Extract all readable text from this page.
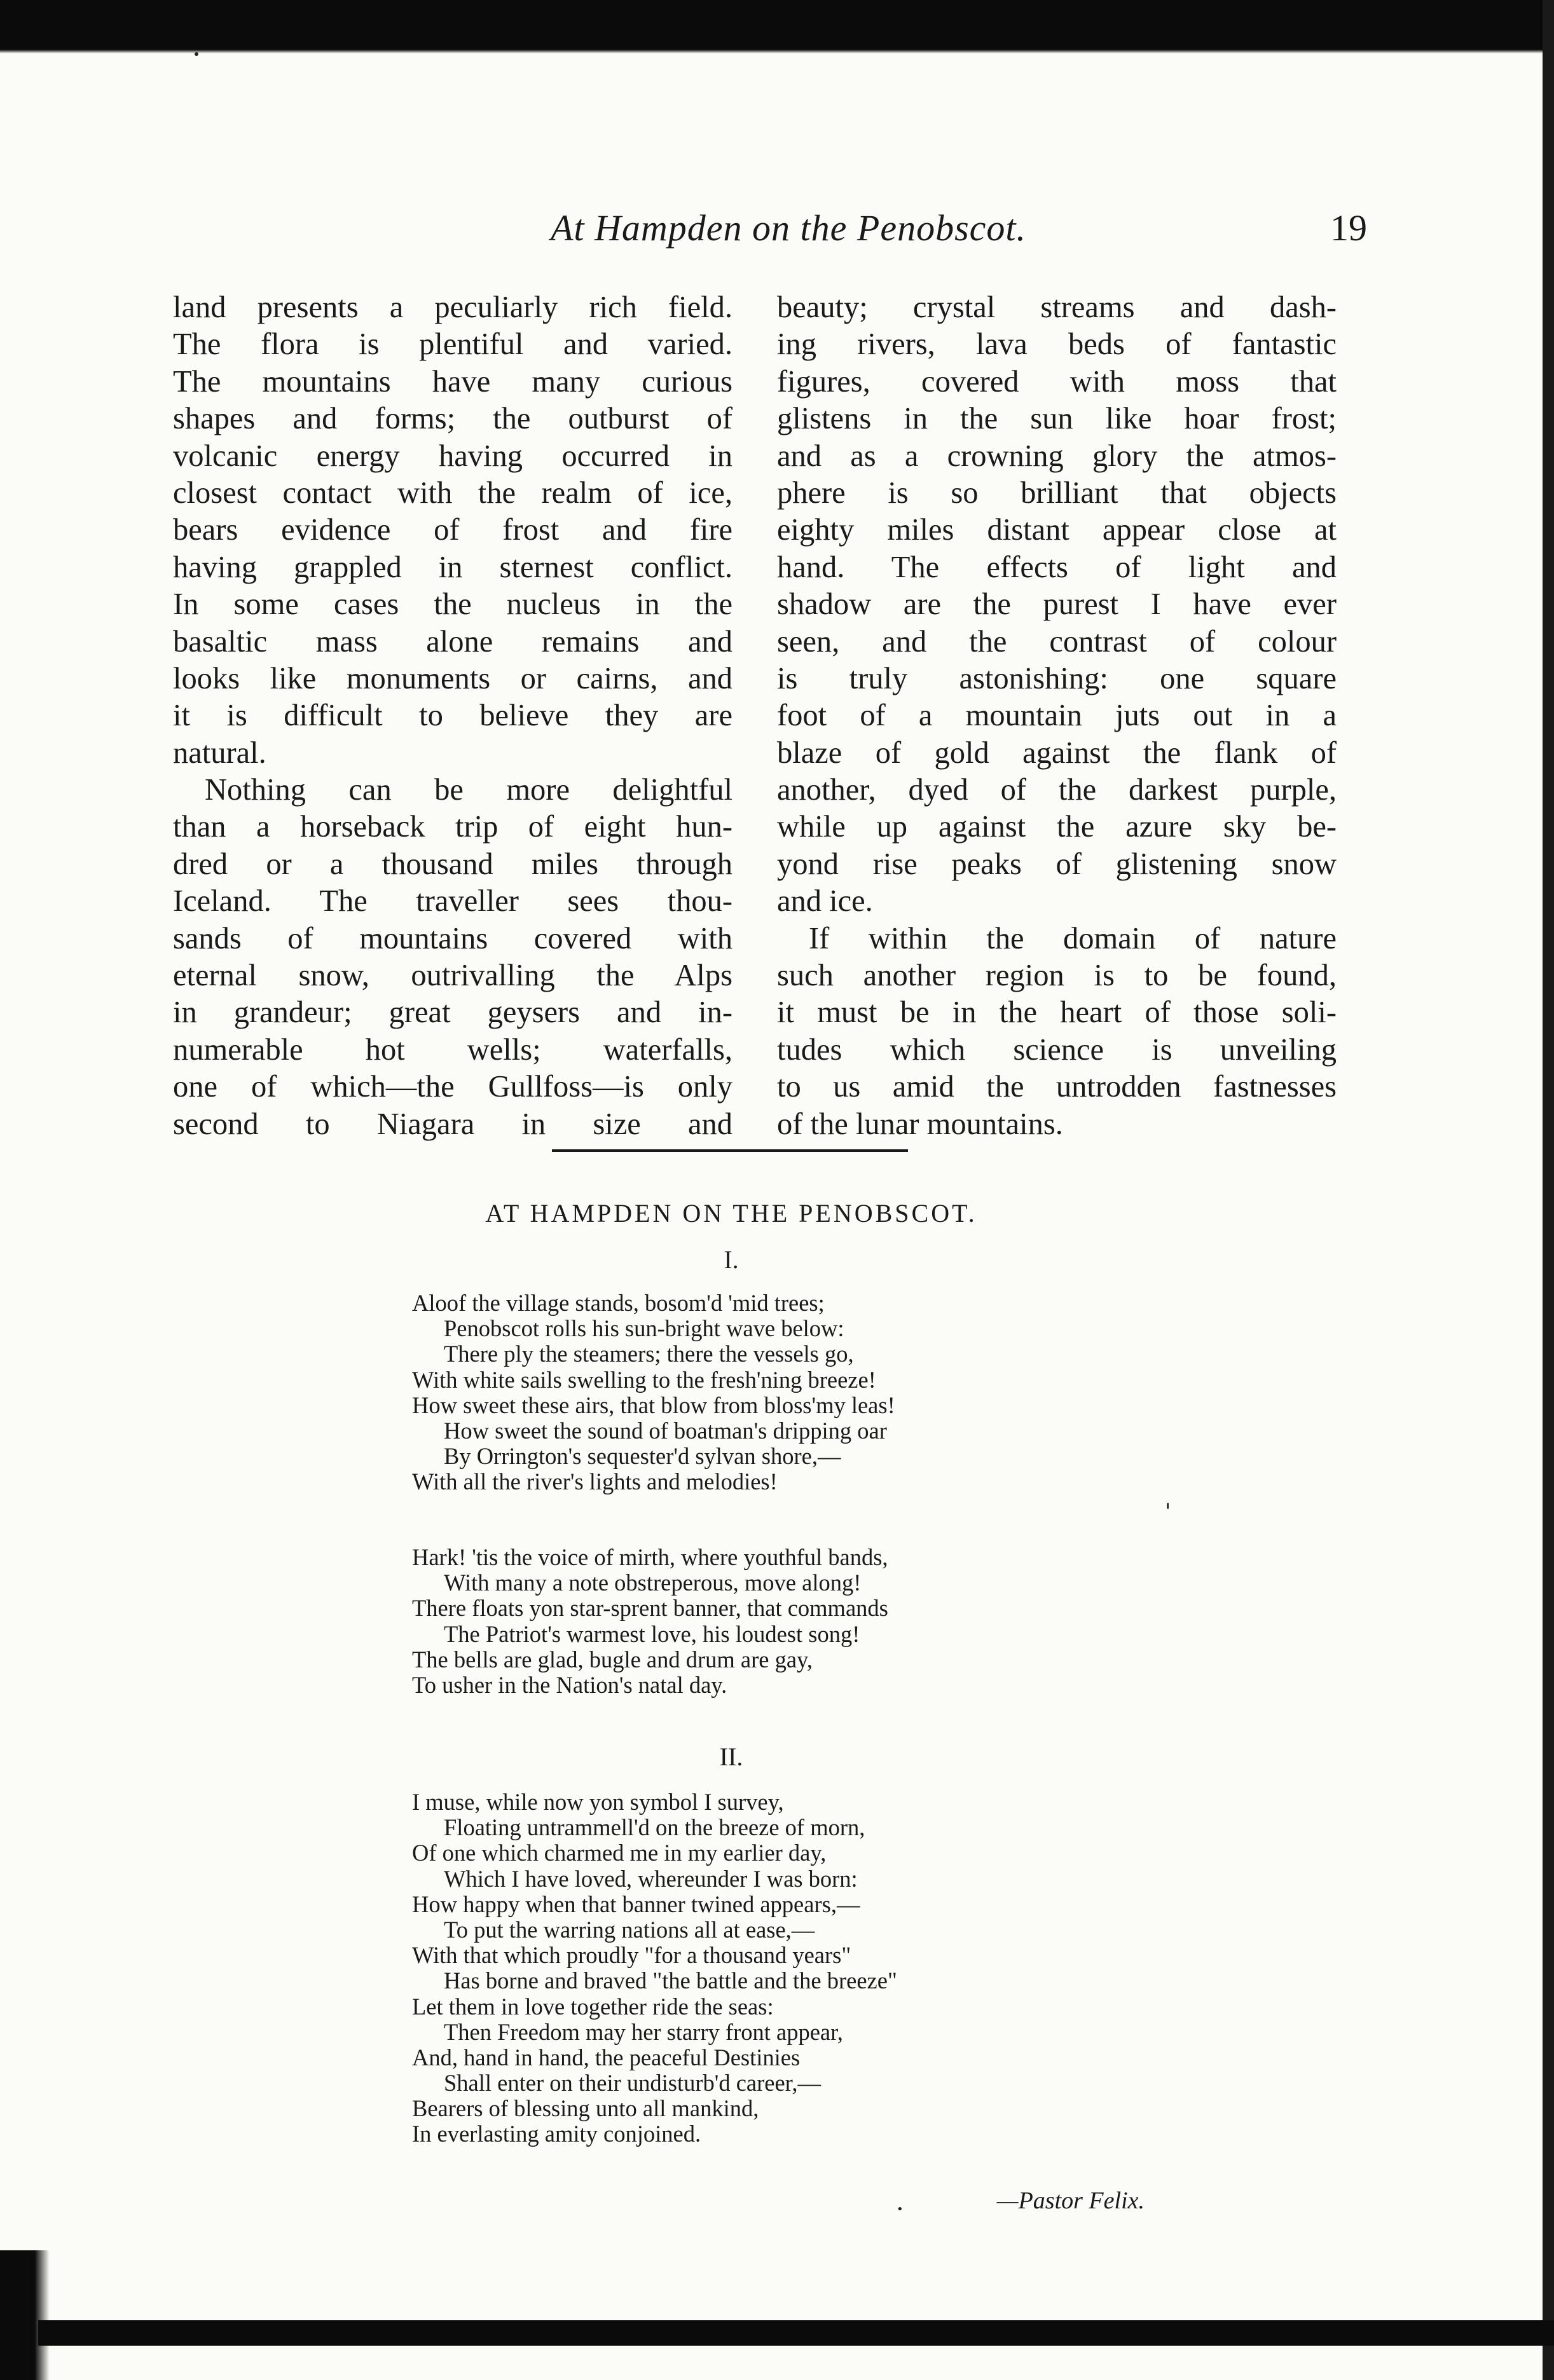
At Hampden on the Penobscot.	19
land presents a peculiarly rich field.
The flora is plentiful and varied.
The mountains have many curious
shapes and forms; the outburst of
volcanic energy having occurred in
closest contact with the realm of ice,
bears evidence of frost and fire
having grappled in sternest conflict.
In some cases the nucleus in the
basaltic mass alone remains and
looks like monuments or cairns, and
it is difficult to believe they are
natural.
Nothing can be more delightful
than a horseback trip of eight hun-
dred or a thousand miles through
Iceland. The traveller sees thou-
sands of mountains covered with
eternal snow, outrivalling the Alps
in grandeur; great geysers and in-
numerable hot wells; waterfalls,
one of which—the Gullfoss—is only
second to Niagara in size and
beauty; crystal streams and dash-
ing rivers, lava beds of fantastic
figures, covered with moss that
glistens in the sun like hoar frost;
and as a crowning glory the atmos-
phere is so brilliant that objects
eighty miles distant appear close at
hand. The effects of light and
shadow are the purest I have ever
seen, and the contrast of colour
is truly astonishing: one square
foot of a mountain juts out in a
blaze of gold against the flank of
another, dyed of the darkest purple,
while up against the azure sky be-
yond rise peaks of glistening snow
and ice.
If within the domain of nature
such another region is to be found,
it must be in the heart of those soli-
tudes which science is unveiling
to us amid the untrodden fastnesses
of the lunar mountains.
AT HAMPDEN ON THE PENOBSCOT.
I.
Aloof the village stands, bosom'd 'mid trees;
Penobscot rolls his sun-bright wave below:
There ply the steamers; there the vessels go,
With white sails swelling to the fresh'ning breeze!
How sweet these airs, that blow from bloss'my leas!
How sweet the sound of boatman's dripping oar
By Orrington's sequester'd sylvan shore,—
With all the river's lights and melodies!
'
Hark! 'tis the voice of mirth, where youthful bands,
With many a note obstreperous, move along!
There floats yon star-sprent banner, that commands
The Patriot's warmest love, his loudest song!
The bells are glad, bugle and drum are gay,
To usher in the Nation's natal day.
II.
I muse, while now yon symbol I survey,
Floating untrammell'd on the breeze of morn,
Of one which charmed me in my earlier day,
Which I have loved, whereunder I was born:
How happy when that banner twined appears,—
To put the warring nations all at ease,—
With that which proudly "for a thousand years"
Has borne and braved "the battle and the breeze"
Let them in love together ride the seas:
Then Freedom may her starry front appear,
And, hand in hand, the peaceful Destinies
Shall enter on their undisturb'd career,—
Bearers of blessing unto all mankind,
In everlasting amity conjoined.
—Pastor Felix.
•
